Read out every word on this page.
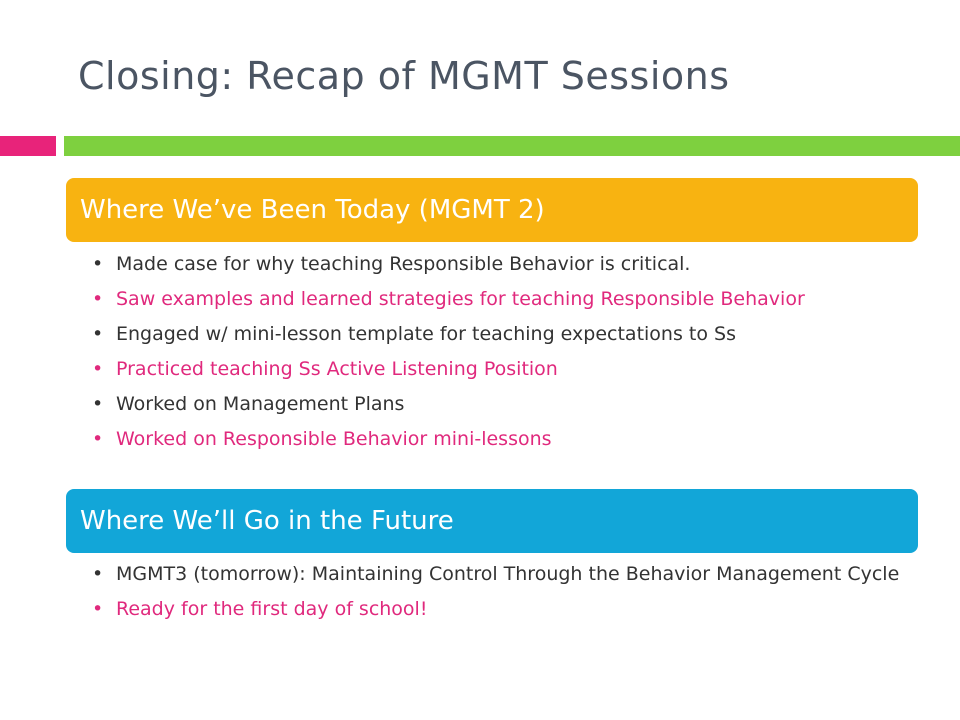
Closing: Recap of MGMT Sessions
Where We’ve Been Today (MGMT 2)
• Made case for why teaching Responsible Behavior is critical.
• Saw examples and learned strategies for teaching Responsible Behavior
• Engaged w/ mini-lesson template for teaching expectations to Ss
• Practiced teaching Ss Active Listening Position
• Worked on Management Plans
• Worked on Responsible Behavior mini-lessons
Where We’ll Go in the Future
• MGMT3 (tomorrow): Maintaining Control Through the Behavior Management Cycle
• Ready for the first day of school!
